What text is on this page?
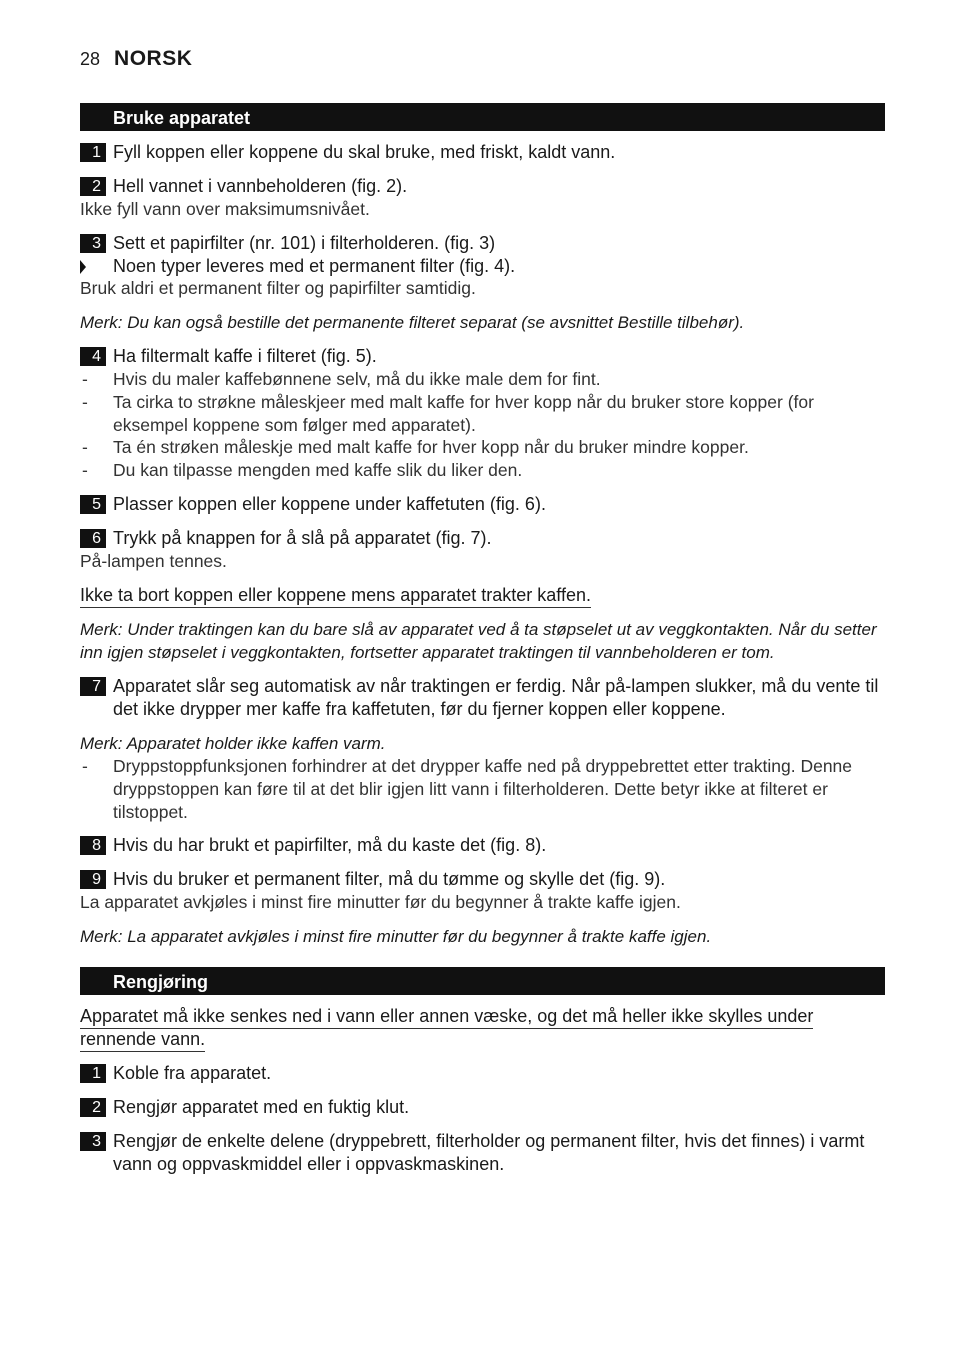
28 NORSK
Bruke apparatet
1 Fyll koppen eller koppene du skal bruke, med friskt, kaldt vann.
2 Hell vannet i vannbeholderen (fig. 2).
Ikke fyll vann over maksimumsnivået.
3 Sett et papirfilter (nr. 101) i filterholderen. (fig. 3)
Noen typer leveres med et permanent filter (fig. 4).
Bruk aldri et permanent filter og papirfilter samtidig.
Merk: Du kan også bestille det permanente filteret separat (se avsnittet Bestille tilbehør).
4 Ha filtermalt kaffe i filteret (fig. 5).
- Hvis du maler kaffebønnene selv, må du ikke male dem for fint.
- Ta cirka to strøkne måleskjeer med malt kaffe for hver kopp når du bruker store kopper (for eksempel koppene som følger med apparatet).
- Ta én strøken måleskje med malt kaffe for hver kopp når du bruker mindre kopper.
- Du kan tilpasse mengden med kaffe slik du liker den.
5 Plasser koppen eller koppene under kaffetuten (fig. 6).
6 Trykk på knappen for å slå på apparatet (fig. 7).
På-lampen tennes.
Ikke ta bort koppen eller koppene mens apparatet trakter kaffen.
Merk: Under traktingen kan du bare slå av apparatet ved å ta støpselet ut av veggkontakten. Når du setter inn igjen støpselet i veggkontakten, fortsetter apparatet traktingen til vannbeholderen er tom.
7 Apparatet slår seg automatisk av når traktingen er ferdig. Når på-lampen slukker, må du vente til det ikke drypper mer kaffe fra kaffetuten, før du fjerner koppen eller koppene.
Merk: Apparatet holder ikke kaffen varm.
- Dryppstoppfunksjonen forhindrer at det drypper kaffe ned på dryppebrettet etter trakting. Denne dryppstoppen kan føre til at det blir igjen litt vann i filterholderen. Dette betyr ikke at filteret er tilstoppet.
8 Hvis du har brukt et papirfilter, må du kaste det (fig. 8).
9 Hvis du bruker et permanent filter, må du tømme og skylle det (fig. 9).
La apparatet avkjøles i minst fire minutter før du begynner å trakte kaffe igjen.
Merk: La apparatet avkjøles i minst fire minutter før du begynner å trakte kaffe igjen.
Rengjøring
Apparatet må ikke senkes ned i vann eller annen væske, og det må heller ikke skylles under
rennende vann.
1 Koble fra apparatet.
2 Rengjør apparatet med en fuktig klut.
3 Rengjør de enkelte delene (dryppebrett, filterholder og permanent filter, hvis det finnes) i varmt vann og oppvaskmiddel eller i oppvaskmaskinen.
